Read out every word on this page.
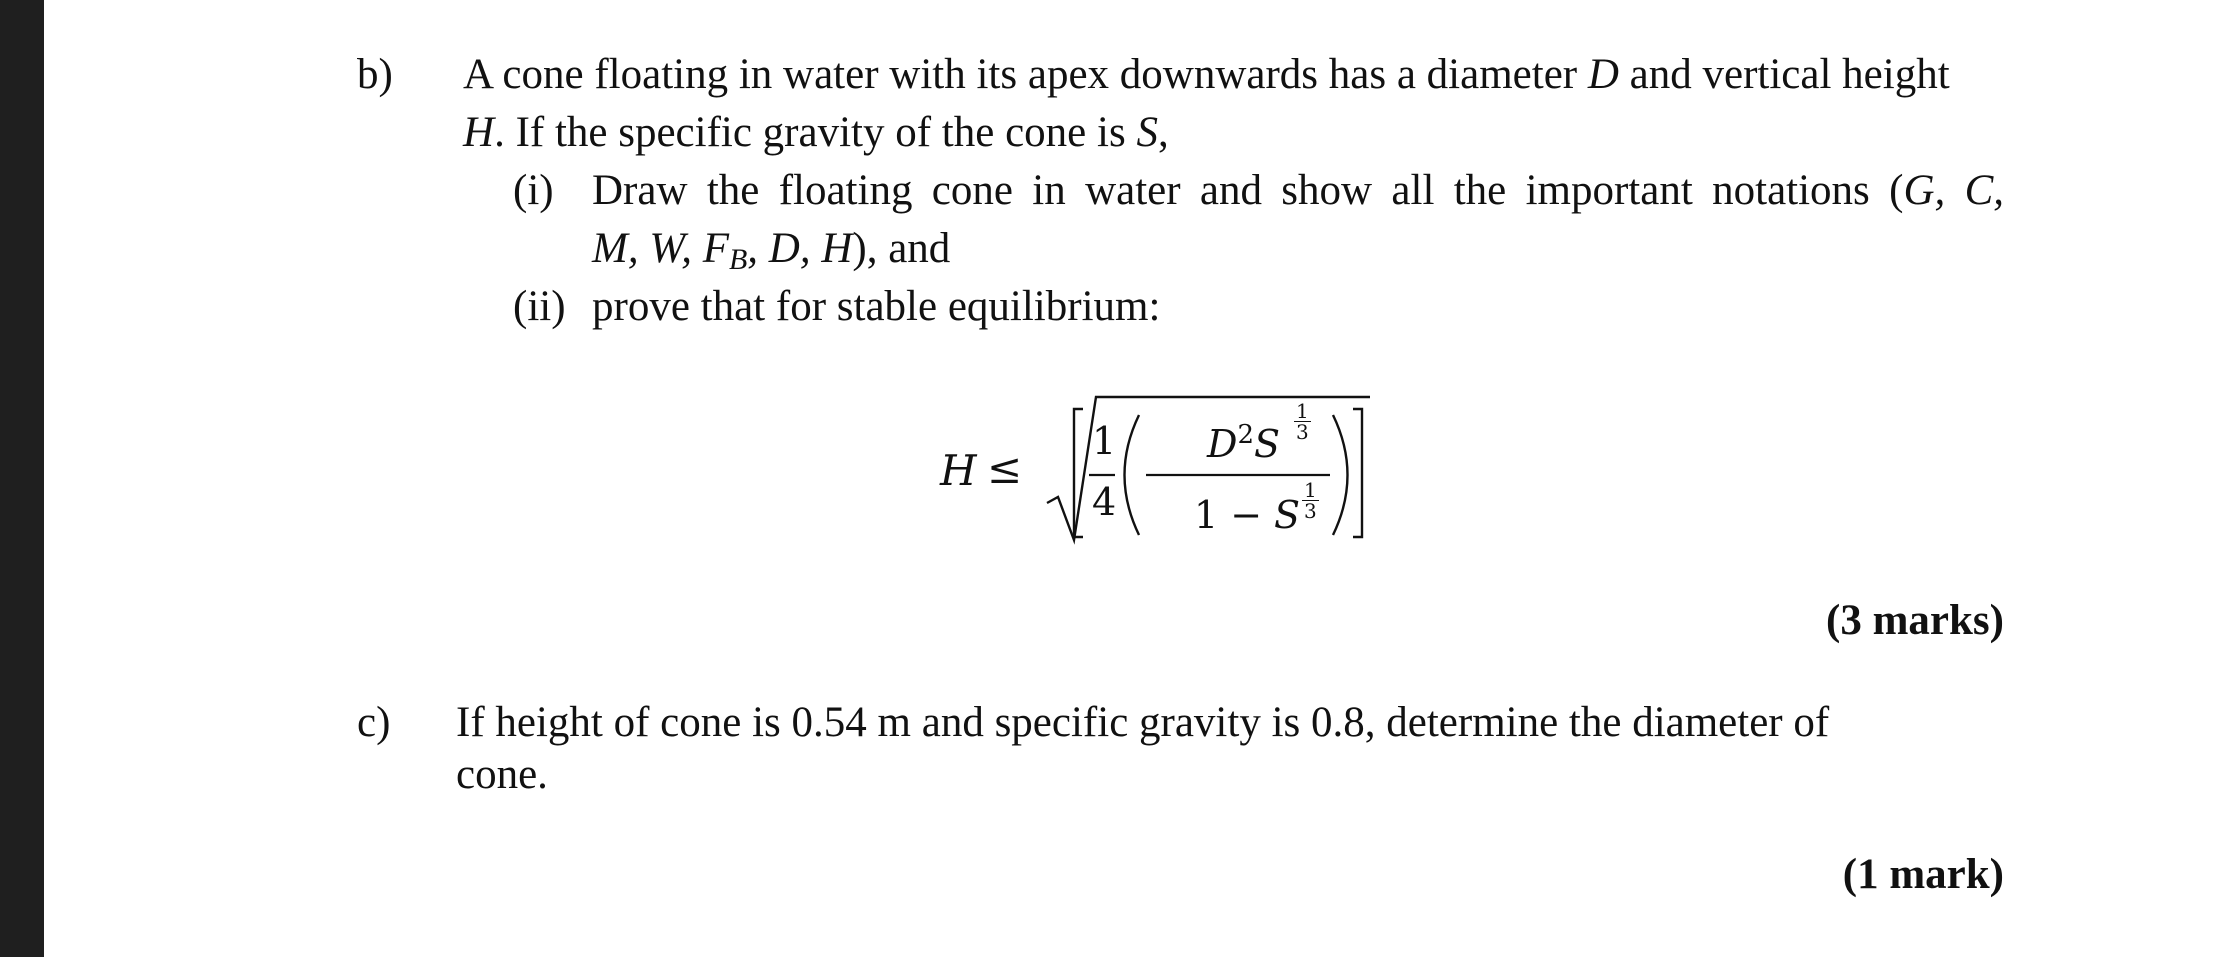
b) A cone floating in water with its apex downwards has a diameter D and vertical height
H. If the specific gravity of the cone is S,
(i) Draw the floating cone in water and show all the important notations (G, C,
M, W, $F_B$, D, H), and
(ii) prove that for stable equilibrium:
H ≤
1
4
$D^2S$
1
3
1 − S
1
3
(3 marks)
c) If height of cone is 0.54 m and specific gravity is 0.8, determine the diameter of
cone.
(1 mark)
